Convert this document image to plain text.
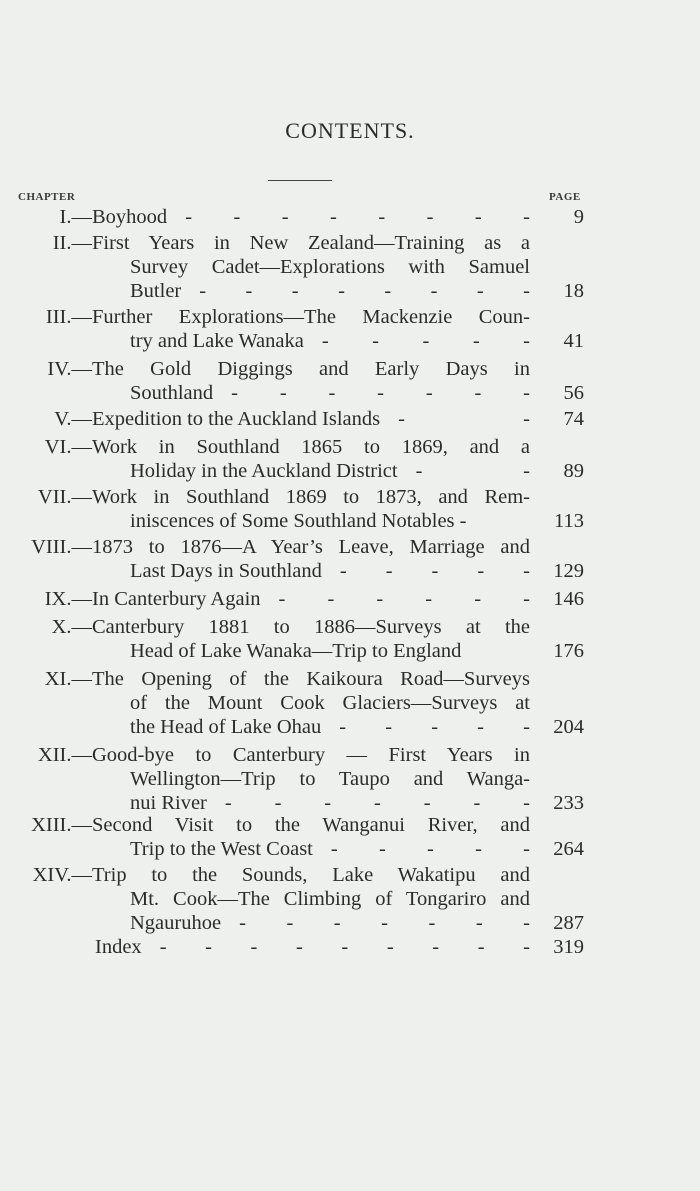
CONTENTS.
CHAPTER	PAGE
I.— Boyhood - - - - - - - -	9
II.— First Years in New Zealand—Training as a
Survey Cadet—Explorations with Samuel
Butler - - - - - - - -	18
III.— Further Explorations—The Mackenzie Coun-
try and Lake Wanaka - - - - -	41
IV.— The Gold Diggings and Early Days in
Southland - - - - - - -	56
V.— Expedition to the Auckland Islands - -	74
VI.— Work in Southland 1865 to 1869, and a
Holiday in the Auckland District - -	89
VII.— Work in Southland 1869 to 1873, and Rem-
iniscences of Some Southland Notables -	113
VIII.— 1873 to 1876—A Year’s Leave, Marriage and
Last Days in Southland - - - - -	129
IX.— In Canterbury Again - - - - - -	146
X.— Canterbury 1881 to 1886—Surveys at the
Head of Lake Wanaka—Trip to England	176
XI.— The Opening of the Kaikoura Road—Surveys
of the Mount Cook Glaciers—Surveys at
the Head of Lake Ohau - - - - -	204
XII.— Good-bye to Canterbury — First Years in
Wellington—Trip to Taupo and Wanga-
nui River - - - - - - -	233
XIII.— Second Visit to the Wanganui River, and
Trip to the West Coast - - - - -	264
XIV.— Trip to the Sounds, Lake Wakatipu and
Mt. Cook—The Climbing of Tongariro and
Ngauruhoe - - - - - - -	287
Index - - - - - - - - -	319
